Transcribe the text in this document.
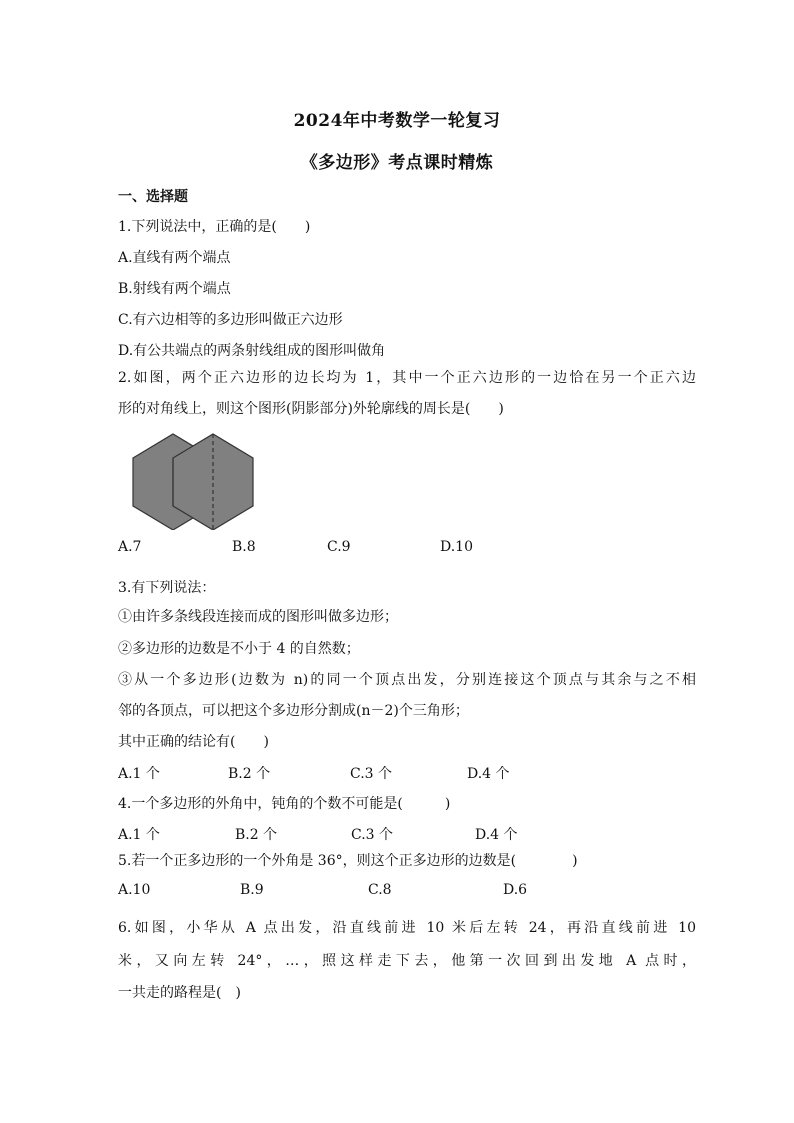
2024年中考数学一轮复习
《多边形》考点课时精炼
一、选择题
1.下列说法中，正确的是(　　)
A.直线有两个端点
B.射线有两个端点
C.有六边相等的多边形叫做正六边形
D.有公共端点的两条射线组成的图形叫做角
2.如图，两个正六边形的边长均为 1，其中一个正六边形的一边恰在另一个正六边
形的对角线上，则这个图形(阴影部分)外轮廓线的周长是(　　)
A.7	B.8	C.9	D.10
3.有下列说法：
①由许多条线段连接而成的图形叫做多边形；
②多边形的边数是不小于 4 的自然数；
③从一个多边形(边数为 n)的同一个顶点出发，分别连接这个顶点与其余与之不相
邻的各顶点，可以把这个多边形分割成(n－2)个三角形；
其中正确的结论有(　　)
A.1 个	B.2 个	C.3 个	D.4 个
4.一个多边形的外角中，钝角的个数不可能是(　　　)
A.1 个	B.2 个	C.3 个	D.4 个
5.若一个正多边形的一个外角是 36°，则这个正多边形的边数是(　　　　)
A.10	B.9	C.8	D.6
6.如图，小华从 A 点出发，沿直线前进 10 米后左转 24，再沿直线前进 10
米，又向左转 24°，…，照这样走下去，他第一次回到出发地 A 点时，
一共走的路程是(　)
